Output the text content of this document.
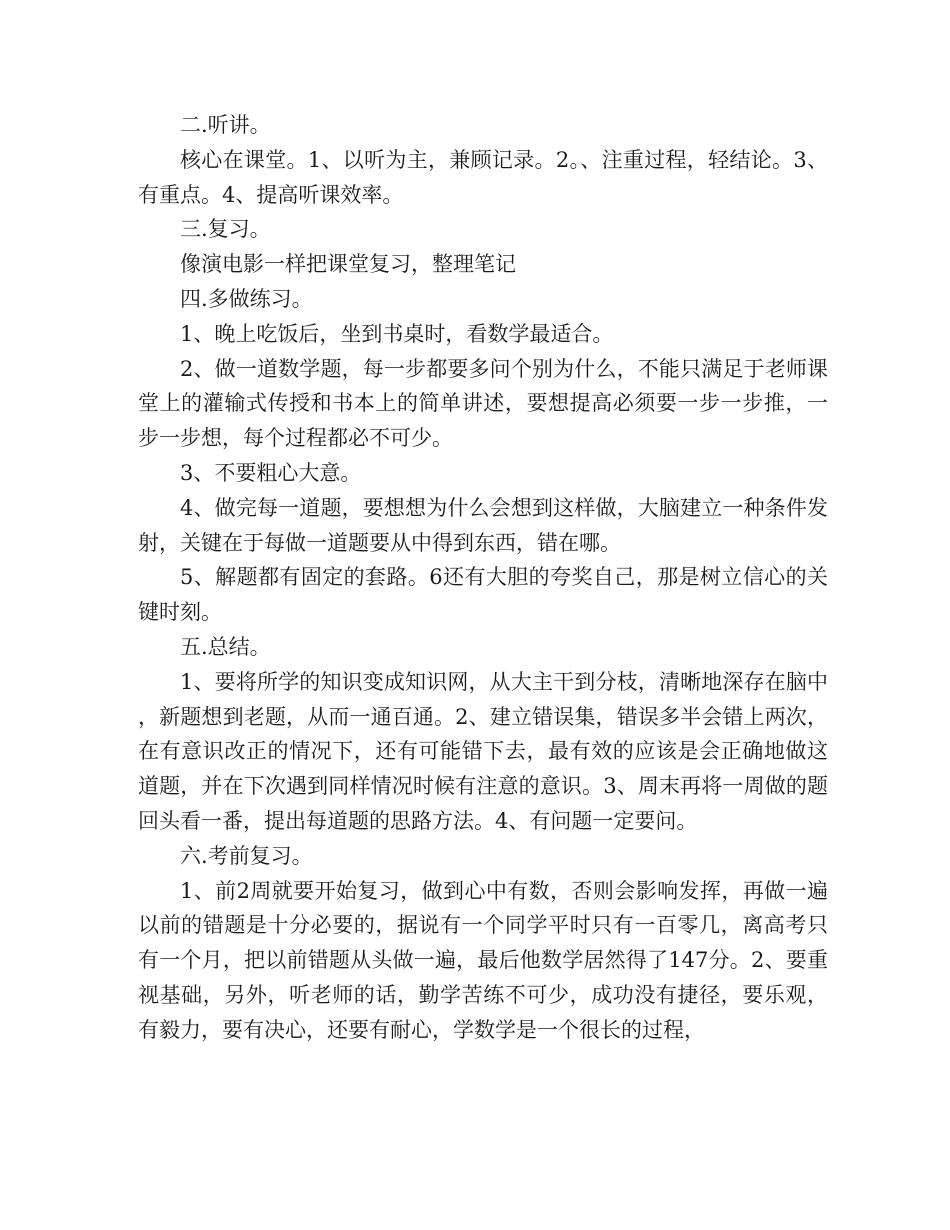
二.听讲。

核心在课堂。1、以听为主，兼顾记录。2。、注重过程，轻结论。3、有重点。4、提高听课效率。

三.复习。

像演电影一样把课堂复习，整理笔记

四.多做练习。

1、晚上吃饭后，坐到书桌时，看数学最适合。

2、做一道数学题，每一步都要多问个别为什么，不能只满足于老师课堂上的灌输式传授和书本上的简单讲述，要想提高必须要一步一步推，一步一步想，每个过程都必不可少。

3、不要粗心大意。

4、做完每一道题，要想想为什么会想到这样做，大脑建立一种条件发射，关键在于每做一道题要从中得到东西，错在哪。

5、解题都有固定的套路。6还有大胆的夸奖自己，那是树立信心的关键时刻。

五.总结。

1、要将所学的知识变成知识网，从大主干到分枝，清晰地深存在脑中，新题想到老题，从而一通百通。2、建立错误集，错误多半会错上两次，在有意识改正的情况下，还有可能错下去，最有效的应该是会正确地做这道题，并在下次遇到同样情况时候有注意的意识。3、周末再将一周做的题回头看一番，提出每道题的思路方法。4、有问题一定要问。

六.考前复习。

1、前2周就要开始复习，做到心中有数，否则会影响发挥，再做一遍以前的错题是十分必要的，据说有一个同学平时只有一百零几，离高考只有一个月，把以前错题从头做一遍，最后他数学居然得了147分。2、要重视基础，另外，听老师的话，勤学苦练不可少，成功没有捷径，要乐观，有毅力，要有决心，还要有耐心，学数学是一个很长的过程，
